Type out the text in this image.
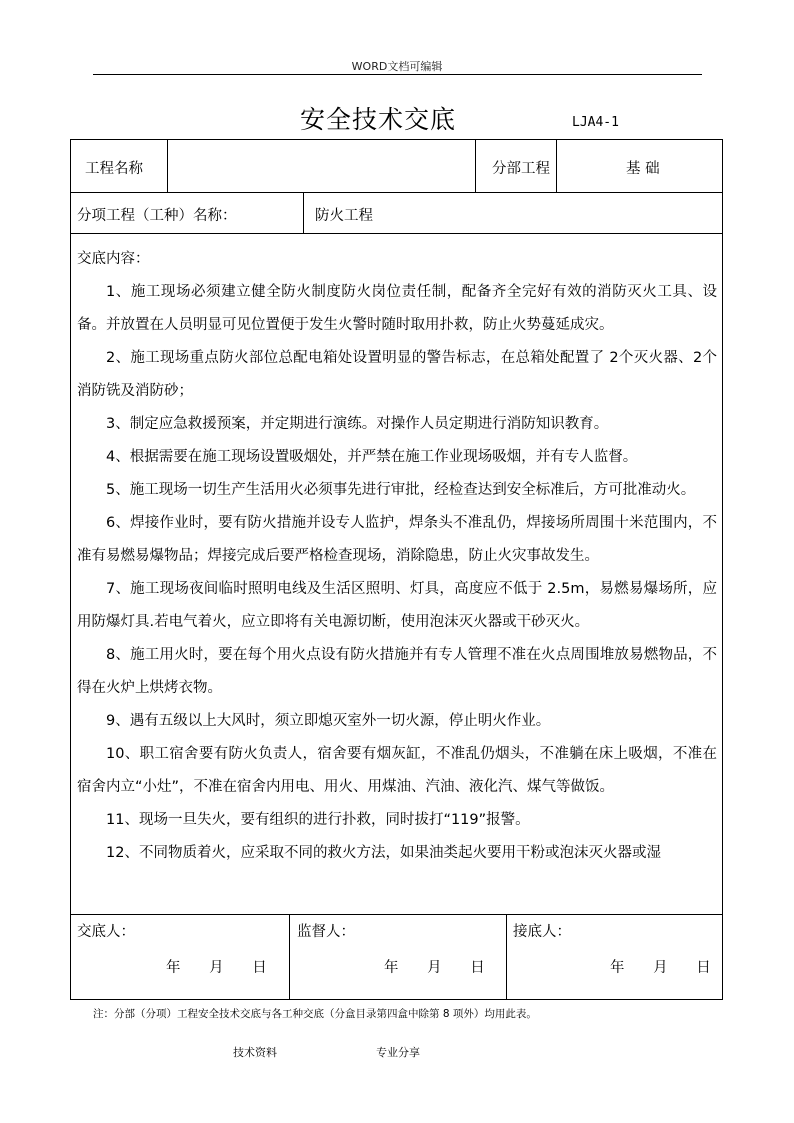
WORD文档可编辑
安全技术交底	LJA4-1
工程名称	分部工程	基 础
分项工程（工种）名称：	防火工程
交底内容：
1、施工现场必须建立健全防火制度防火岗位责任制，配备齐全完好有效的消防灭火工具、设备。并放置在人员明显可见位置便于发生火警时随时取用扑救，防止火势蔓延成灾。
2、施工现场重点防火部位总配电箱处设置明显的警告标志，在总箱处配置了 2个灭火器、2个消防铣及消防砂；
3、制定应急救援预案，并定期进行演练。对操作人员定期进行消防知识教育。
4、根据需要在施工现场设置吸烟处，并严禁在施工作业现场吸烟，并有专人监督。
5、施工现场一切生产生活用火必须事先进行审批，经检查达到安全标准后，方可批准动火。
6、焊接作业时，要有防火措施并设专人监护，焊条头不准乱仍，焊接场所周围十米范围内，不准有易燃易爆物品；焊接完成后要严格检查现场，消除隐患，防止火灾事故发生。
7、施工现场夜间临时照明电线及生活区照明、灯具，高度应不低于 2.5m，易燃易爆场所，应用防爆灯具.若电气着火，应立即将有关电源切断，使用泡沫灭火器或干砂灭火。
8、施工用火时，要在每个用火点设有防火措施并有专人管理不准在火点周围堆放易燃物品，不得在火炉上烘烤衣物。
9、遇有五级以上大风时，须立即熄灭室外一切火源，停止明火作业。
10、职工宿舍要有防火负责人，宿舍要有烟灰缸，不准乱仍烟头，不准躺在床上吸烟，不准在宿舍内立“小灶”，不准在宿舍内用电、用火、用煤油、汽油、液化汽、煤气等做饭。
11、现场一旦失火，要有组织的进行扑救，同时拔打“119”报警。
12、不同物质着火，应采取不同的救火方法，如果油类起火要用干粉或泡沫灭火器或湿
交底人：	监督人：	接底人：
年 月 日	年 月 日	年 月 日
注：分部（分项）工程安全技术交底与各工种交底（分盒目录第四盒中除第 8 项外）均用此表。
技术资料	专业分享
